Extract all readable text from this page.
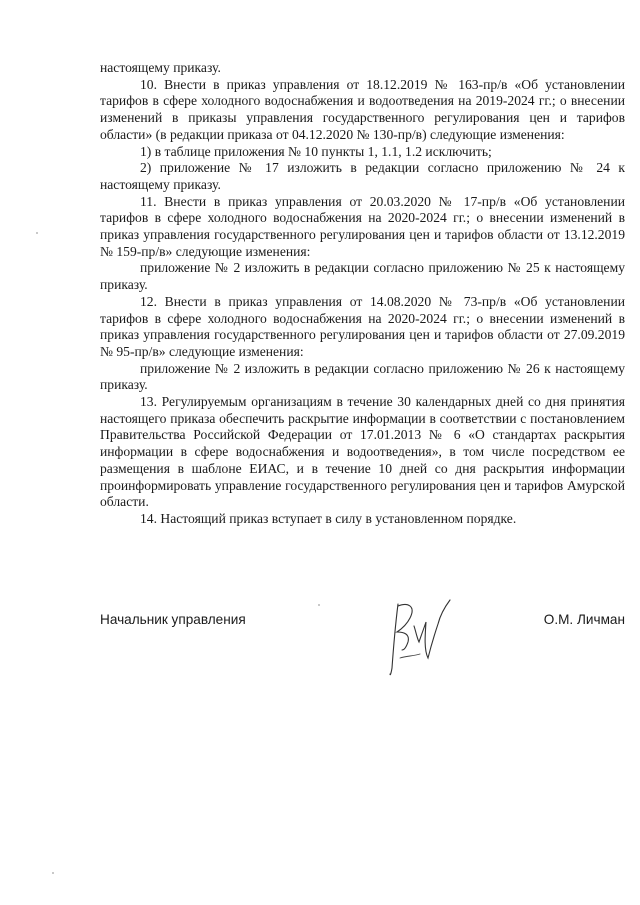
настоящему приказу.

10. Внести в приказ управления от 18.12.2019 № 163-пр/в «Об установлении тарифов в сфере холодного водоснабжения и водоотведения на 2019-2024 гг.; о внесении изменений в приказы управления государственного регулирования цен и тарифов области» (в редакции приказа от 04.12.2020 № 130-пр/в) следующие изменения:

1) в таблице приложения № 10 пункты 1, 1.1, 1.2 исключить;

2) приложение № 17 изложить в редакции согласно приложению № 24 к настоящему приказу.

11. Внести в приказ управления от 20.03.2020 № 17-пр/в «Об установлении тарифов в сфере холодного водоснабжения на 2020-2024 гг.; о внесении изменений в приказ управления государственного регулирования цен и тарифов области от 13.12.2019 № 159-пр/в» следующие изменения:

приложение № 2 изложить в редакции согласно приложению № 25 к настоящему приказу.

12. Внести в приказ управления от 14.08.2020 № 73-пр/в «Об установлении тарифов в сфере холодного водоснабжения на 2020-2024 гг.; о внесении изменений в приказ управления государственного регулирования цен и тарифов области от 27.09.2019 № 95-пр/в» следующие изменения:

приложение № 2 изложить в редакции согласно приложению № 26 к настоящему приказу.

13. Регулируемым организациям в течение 30 календарных дней со дня принятия настоящего приказа обеспечить раскрытие информации в соответствии с постановлением Правительства Российской Федерации от 17.01.2013 № 6 «О стандартах раскрытия информации в сфере водоснабжения и водоотведения», в том числе посредством ее размещения в шаблоне ЕИАС, и в течение 10 дней со дня раскрытия информации проинформировать управление государственного регулирования цен и тарифов Амурской области.

14. Настоящий приказ вступает в силу в установленном порядке.

Начальник управления	О.М. Личман
